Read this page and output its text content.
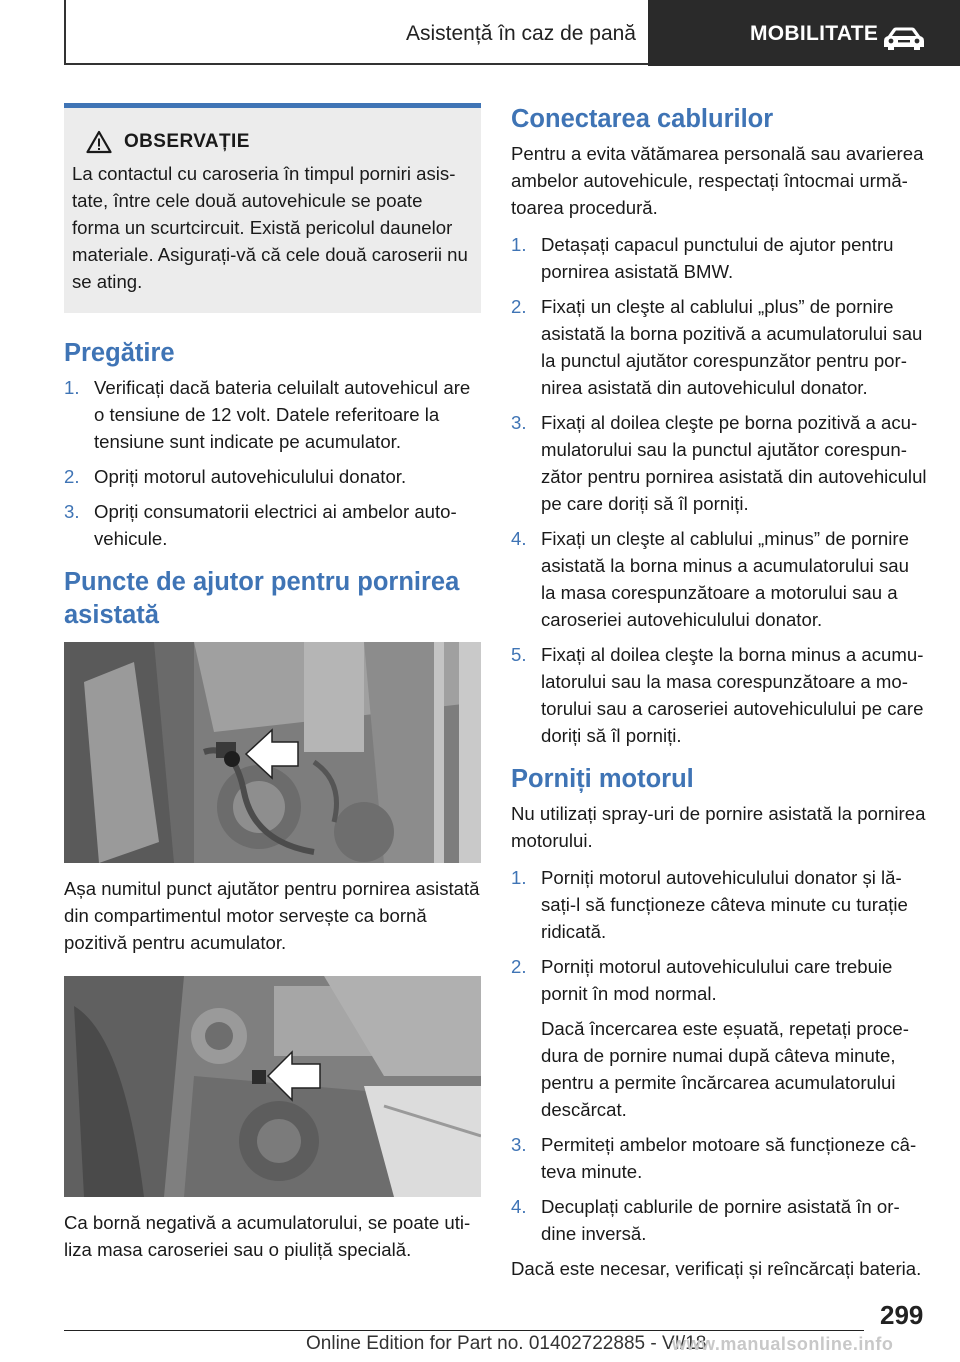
Asistență în caz de pană	MOBILITATE
OBSERVAȚIE

La contactul cu caroseria în timpul porniri asistate, între cele două autovehicule se poate forma un scurtcircuit. Există pericolul daunelor materiale. Asigurați-vă că cele două caroserii nu se ating.

Pregătire
1. Verificați dacă bateria celuilalt autovehicul are o tensiune de 12 volt. Datele referitoare la tensiune sunt indicate pe acumulator.
2. Opriți motorul autovehiculului donator.
3. Opriți consumatorii electrici ai ambelor autovehicule.
Puncte de ajutor pentru pornirea asistată

Așa numitul punct ajutător pentru pornirea asistată din compartimentul motor servește ca bornă pozitivă pentru acumulator.

Ca bornă negativă a acumulatorului, se poate utiliza masa caroseriei sau o piuliță specială.

Conectarea cablurilor

Pentru a evita vătămarea personală sau avarierea ambelor autovehicule, respectați întocmai următoarea procedură.

1. Detașați capacul punctului de ajutor pentru pornirea asistată BMW.
2. Fixați un cleşte al cablului „plus” de pornire asistată la borna pozitivă a acumulatorului sau la punctul ajutător corespunzător pentru pornirea asistată din autovehiculul donator.
3. Fixați al doilea cleşte pe borna pozitivă a acumulatorului sau la punctul ajutător corespunzător pentru pornirea asistată din autovehiculul pe care doriți să îl porniți.
4. Fixați un cleşte al cablului „minus” de pornire asistată la borna minus a acumulatorului sau la masa corespunzătoare a motorului sau a caroseriei autovehiculului donator.
5. Fixați al doilea cleşte la borna minus a acumulatorului sau la masa corespunzătoare a motorului sau a caroseriei autovehiculului pe care doriți să îl porniți.
Porniți motorul

Nu utilizați spray-uri de pornire asistată la pornirea motorului.

1. Porniți motorul autovehiculului donator și lăsați-l să funcționeze câteva minute cu turație ridicată.
2. Porniți motorul autovehiculului care trebuie pornit în mod normal.
Dacă încercarea este eșuată, repetați procedura de pornire numai după câteva minute, pentru a permite încărcarea acumulatorului descărcat.
3. Permiteți ambelor motoare să funcționeze câteva minute.
4. Decuplați cablurile de pornire asistată în ordine inversă.

Dacă este necesar, verificați și reîncărcați bateria.

299
Online Edition for Part no. 01402722885 - VI/18
www.manualsonline.info
